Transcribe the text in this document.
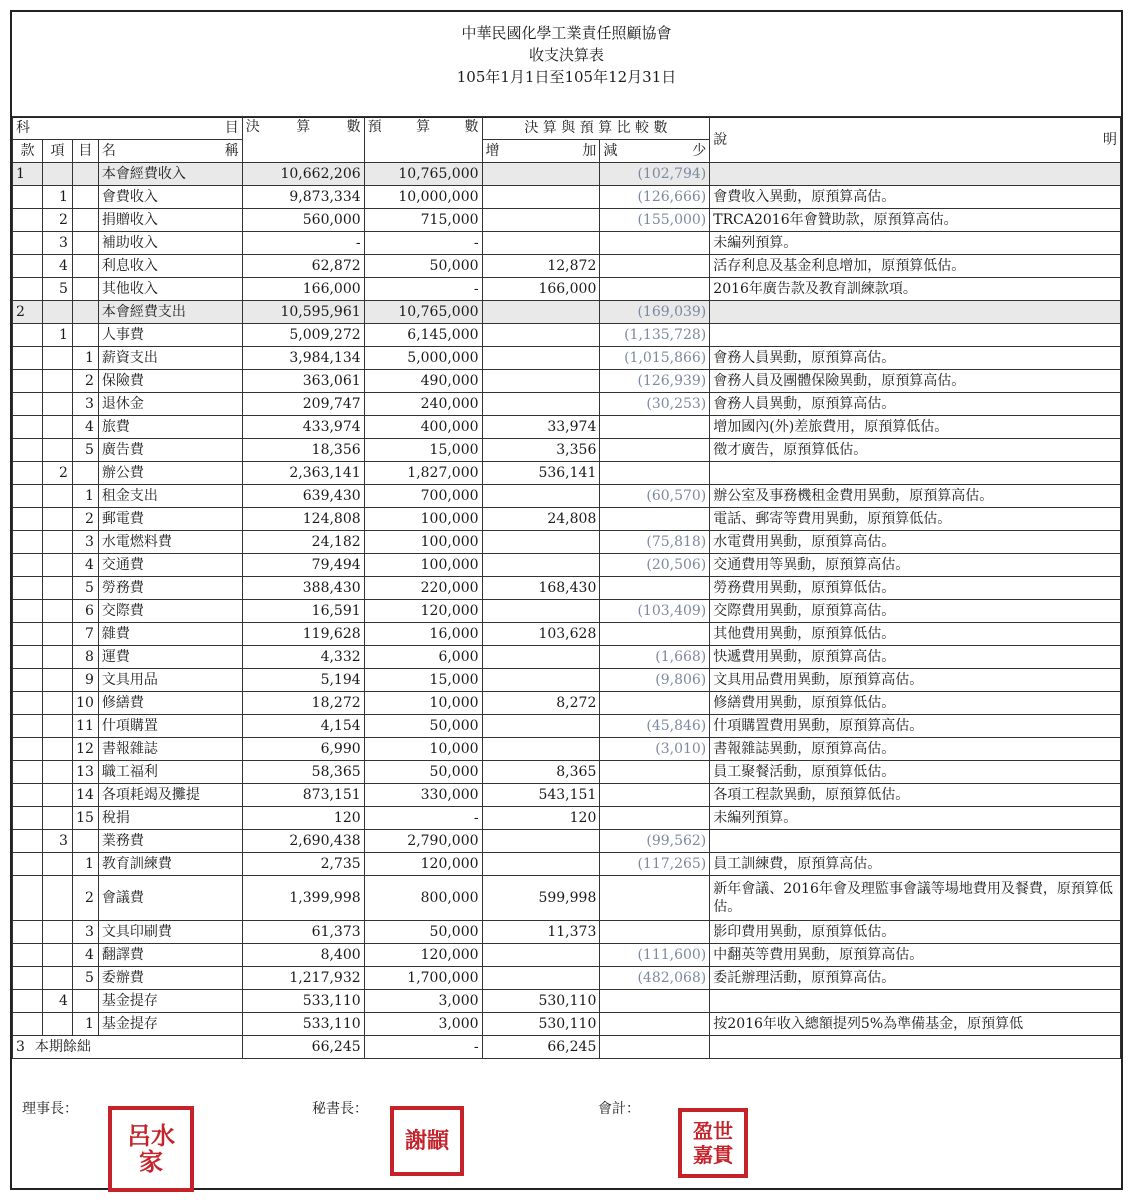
中華民國化學工業責任照顧協會
收支決算表
105年1月1日至105年12月31日
科 目				決 算 數	預 算 數	決 算 與 預 算 比 較 數		說 明

款	項	目	名 稱			增 加	減 少	

1			本會經費收入	10,662,206	10,765,000		(102,794)	
	1		會費收入	9,873,334	10,000,000		(126,666)	會費收入異動，原預算高估。
	2		捐贈收入	560,000	715,000		(155,000)	TRCA2016年會贊助款，原預算高估。
	3		補助收入	-	-			未編列預算。
	4		利息收入	62,872	50,000	12,872		活存利息及基金利息增加，原預算低估。
	5		其他收入	166,000	-	166,000		2016年廣告款及教育訓練款項。
2			本會經費支出	10,595,961	10,765,000		(169,039)	
	1		人事費	5,009,272	6,145,000		(1,135,728)	
		1	薪資支出	3,984,134	5,000,000		(1,015,866)	會務人員異動，原預算高估。
		2	保險費	363,061	490,000		(126,939)	會務人員及團體保險異動，原預算高估。
		3	退休金	209,747	240,000		(30,253)	會務人員異動，原預算高估。
		4	旅費	433,974	400,000	33,974		增加國內(外)差旅費用，原預算低估。
		5	廣告費	18,356	15,000	3,356		徵才廣告，原預算低估。
	2		辦公費	2,363,141	1,827,000	536,141		
		1	租金支出	639,430	700,000		(60,570)	辦公室及事務機租金費用異動，原預算高估。
		2	郵電費	124,808	100,000	24,808		電話、郵寄等費用異動，原預算低估。
		3	水電燃料費	24,182	100,000		(75,818)	水電費用異動，原預算高估。
		4	交通費	79,494	100,000		(20,506)	交通費用等異動，原預算高估。
		5	勞務費	388,430	220,000	168,430		勞務費用異動，原預算低估。
		6	交際費	16,591	120,000		(103,409)	交際費用異動，原預算高估。
		7	雜費	119,628	16,000	103,628		其他費用異動，原預算低估。
		8	運費	4,332	6,000		(1,668)	快遞費用異動，原預算高估。
		9	文具用品	5,194	15,000		(9,806)	文具用品費用異動，原預算高估。
		10	修繕費	18,272	10,000	8,272		修繕費用異動，原預算低估。
		11	什項購置	4,154	50,000		(45,846)	什項購置費用異動，原預算高估。
		12	書報雜誌	6,990	10,000		(3,010)	書報雜誌異動，原預算高估。
		13	職工福利	58,365	50,000	8,365		員工聚餐活動，原預算低估。
		14	各項耗竭及攤提	873,151	330,000	543,151		各項工程款異動，原預算低估。
		15	稅捐	120	-	120		未編列預算。
	3		業務費	2,690,438	2,790,000		(99,562)	
		1	教育訓練費	2,735	120,000		(117,265)	員工訓練費，原預算高估。
		2	會議費	1,399,998	800,000	599,998		新年會議、2016年會及理監事會議等場地費用及餐費，原預算低估。
		3	文具印刷費	61,373	50,000	11,373		影印費用異動，原預算低估。
		4	翻譯費	8,400	120,000		(111,600)	中翻英等費用異動，原預算高估。
		5	委辦費	1,217,932	1,700,000		(482,068)	委託辦理活動，原預算高估。
	4		基金提存	533,110	3,000	530,110		
		1	基金提存	533,110	3,000	530,110		按2016年收入總額提列5%為準備基金，原預算低
3 本期餘絀				66,245	-	66,245		
理事長：
呂水家
秘書長：
謝顓
會計：
盈世嘉貫
